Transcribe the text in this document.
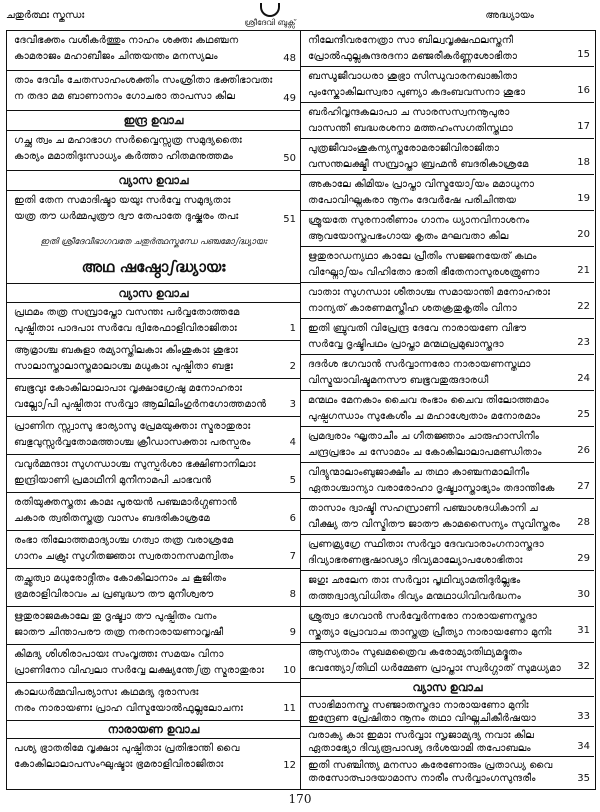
ചതുർത്ഥഃ സ്കന്ധഃ
ശ്രീദേവി ബുക്സ്
അദ്ധ്യായം
ദേവീഭക്തം വശീകർത്തും നാഹം ശക്തഃ കഥഞ്ചന
കാമരാജം മഹാബീജം ചിന്തയന്തം മനസ്യലം	48
താം ദേവീം ചേതസാഹംശക്തിം സംശ്രിതാ ഭക്തിഭാവതഃ
ന തദാ മമ ബാണാനാം ഗോചരാ താപസാ കില	49
ഇന്ദ്ര ഉവാച
ഗച്ഛ ത്വം ച മഹാഭാഗ സർവ്വൈസ്സത്ര സമുദ്യതൈഃ
കാര്യം മമാതിദുഃസാധ്യം കർത്താ ഹിതമനുത്തമം	50
വ്യാസ ഉവാച
ഇതി തേന സമാദിഷ്ടാ യയുഃ സർവ്വേ സമുദ്യതാഃ
യത്ര തൗ ധർമ്മപുത്രൗ ദ്വൗ തേപാതേ ദുഷ്കരം തപഃ	51
ഇതി ശ്രീദേവീഭാഗവതേ ചതുർത്ഥസ്കന്ധേ പഞ്ചമോഽദ്ധ്യായഃ
അഥ ഷഷ്ഠോഽദ്ധ്യായഃ
വ്യാസ ഉവാച
പ്രഥമം തത്ര സമ്പ്രാപ്തോ വസന്തഃ പർവ്വതോത്തമേ
പുഷ്പിതാഃ പാദപാഃ സർവേ ദ്വിരേഫാളിവിരാജിതാഃ	1
ആമ്രാശ്ച ബകുളാ രമ്യാസ്തിലകാഃ കിംശുകാഃ ശുഭാഃ
സാലാസ്താലാസ്തമാലാശ്ച മധുകാഃ പുഷ്പിതാ ബഭുഃ	2
ബഭൂവുഃ കോകിലാലാപാഃ വൃക്ഷാഗ്രേഷു മനോഹരാഃ
വല്ലോഽപി പുഷ്പിതാഃ സർവ്വാ ആലിലിംഗുർനഗോത്തമാൻ	3
പ്രാണിന സ്സ്വാസു ഭാര്യാസു പ്രേമയുക്താഃ സ്മരാതുരാഃ
ബഭുവുസ്സർവ്വതോമത്താശ്ച ക്രീഡാസക്താഃ പരസ്പരം	4
വവുർമ്മന്ദാഃ സുഗന്ധാശ്ച സുസ്പർശാ ഭക്ഷിണാനിലാഃ
ഇന്ദ്രിയാണി പ്രമാഥീനി മുനീനാമപി ചാഭവൻ	5
രതിയുക്തസ്തതഃ കാമഃ പൂരയൻ പഞ്ചമാർഗ്ഗണാൻ
ചകാര ത്വരിതസ്തത്ര വാസം ബദരികാശ്രമേ	6
രംഭാ തിലോത്തമാദ്യാശ്ച ഗത്വാ തത്ര വരാശ്രമേ
ഗാനം ചക്രുഃ സുഗീതജ്ഞാഃ സ്വരതാനസമന്വിതം	7
തച്ഛൃത്വാ മധുരോദ്ഗീതം കോകിലാനാം ച കൂജിതം
ഭ്രമരാളിവിരാവം ച പ്രബുദ്ധൗ തൗ മുനീശ്വരൗ	8
ഋതുരാജമകാലേ തു ദൃഷ്ട്വാ തൗ പുഷ്പിതം വനം
ജാതൗ ചിന്താപരൗ തത്ര നരനാരായണാവൃഷീ	9
കിമദ്യ ശിശിരാപായഃ സംവൃത്തഃ സമയം വിനാ
പ്രാണിനോ വിഹ്വലാ സർവ്വേ ലക്ഷ്യന്തേഽത്ര സ്മരാതുരാഃ	10
കാലധർമ്മവിപര്യാസഃ കഥമദ്യ ദുരാസദഃ
നരം നാരായണഃ പ്രാഹ വിസ്മയോൽഫുല്ലലോചനഃ	11
നാരായണ ഉവാച
പശ്യ ഭ്രാതരിമേ വൃക്ഷാഃ പുഷ്പിതാഃ പ്രതിഭാന്തി വൈ
കോകിലാലാപസംഘുഷ്ടാഃ ഭ്രമരാളിവിരാജിതാഃ	12
നീലേന്ദീവരനേത്രാ സാ ബില്വവൃക്ഷഫലസ്തനീ
പ്രോൽഫുല്ലകുന്ദരദനാ മഞ്ജരീകർണ്ണശോഭിതാ	15
ബന്ധൂജീവാധരാ ശുഭ്രാ സിന്ധുവാരനഖാങ്കിതാ
പുംസ്കോകിലസ്വരാ പുണ്യാ കദംബവസനാ ശുഭാ	16
ബർഹിവൃന്ദകലാപാ ച സാരസസ്വനനൂപുരാ
വാസന്തീ ബദ്ധരശനാ മത്തഹംസഗതിസ്തഥാ	17
പുത്രജീവാംശുകന്യസ്തരോമരാജിവിരാജിതാ
വസന്തലക്ഷ്മീ സമ്പ്രാപ്താ ബ്രഹ്മൻ ബദരികാശ്രമേ	18
അകാലേ കിമിയം പ്രാപ്താ വിസ്മയോഽയം മമാധുനാ
തപോവിഘ്നകരാ നൂനം ദേവർഷേ പരിചിന്തയ	19
ശ്രൂയതേ സുരനാരീണാം ഗാനം ധ്യാനവിനാശനം
ആവയോസ്തപഭംഗായ കൃതം മഘവതാ കില	20
ഋതുരാഡന്യഥാ കാലേ പ്രീതിം സജ്ജനയേത് കഥം
വിഘ്നോഽയം വിഹിതോ ഭാതി ഭീതേനാസുരശത്രുണാ	21
വാതാഃ സുഗന്ധാഃ ശീതാശ്ച സമായാന്തി മനോഹരാഃ
നാന്യത് കാരണമസ്തീഹ ശതക്രതുകൃതിം വിനാ	22
ഇതി ബ്രുവതി വിപ്രേന്ദ്ര ദേവേ നാരായണേ വിഭൗ
സർവ്വേ ദൃഷ്ടിപഥം പ്രാപ്താ മന്മഥപ്രമുഖാസ്തദാ	23
ദദർശ ഭഗവാൻ സർവ്വാന്നരോ നാരായണസ്തഥാ
വിസ്മയാവിഷ്ടമനസൗ ബഭൂവതുരുദാരധീ	24
മന്മഥം മേനകാം ചൈവ രംഭാം ചൈവ തിലോത്തമാം
പുഷ്പഗന്ധാം സുകേശീം ച മഹാശ്വേതാം മനോരമാം	25
പ്രമദ്വരാം ഘൃതാചീം ച ഗീതജ്ഞാം ചാരുഹാസിനീം
ചന്ദ്രപ്രഭാം ച സോമാം ച കോകിലാലാപമണ്ഡിതാം	26
വിദ്യുന്മാലാംബുജാക്ഷീം ച തഥാ കാഞ്ചനമാലിനീം
ഏതാശ്ചാന്യാ വരാരോഹാ ദൃഷ്ട്വാസ്താഭ്യാം തദാന്തികേ	27
താസാം ദ്വാഷ്ടി സഹസ്രാണി പഞ്ചാശദധികാനി ച
വീക്ഷ്യ തൗ വിസ്മിതൗ ജാതൗ കാമസൈന്യം സുവിസ്തരം	28
പ്രണമ്യ്രഗ്രേ സ്ഥിതാഃ സർവ്വാ ദേവവാരാംഗനാസ്തദാ
ദിവ്യാഭരണഭൂഷാഢ്യാ ദിവ്യമാല്യോപശോഭിതാഃ	29
ജഗുഃ ഛലേന താഃ സർവ്വാഃ പൃഥിവ്യാമതിദുർല്ലഭം
തത്തദ്വാദ്യവിധിതം ദിവ്യം മന്മഥാധിവിവർദ്ധനം	30
ശ്രുത്വാ ഭഗവാൻ സർവ്വേർന്നരോ നാരായണസ്തദാ
സ്തുത്യാ പ്രോവാച താസ്തത്ര പ്രീത്യാ നാരായണോ മുനിഃ	31
ആസ്യതാം സുഖമത്രൈവ കരോമ്യാതിഥ്യമദ്ഭുതം
ഭവന്ത്യോഽതിഥി ധർമ്മേണ പ്രാപ്താഃ സ്വർഗ്ഗാത് സുമധ്യമാ	32
വ്യാസ ഉവാച
സാഭിമാനസ്തു സഞ്ജാതസ്തദാ നാരായണോ മുനിഃ
ഇന്ദ്രേണ പ്രേഷിതാ നൂനം തഥാ വിഘ്നചികീർഷയാ	33
വരാക്യ കാഃ ഇമാഃ സർവ്വാഃ സൃജാമ്യദ്യ നവാഃ കില
ഏതാഭ്യോ ദിവ്യരൂപാഢ്യ ദർശയാമി തപോബലം	34
ഇതി സഞ്ചിന്ത്യ മനസാ കരേണോരും പ്രതാഡ്യ വൈ
തരസോത്പാദയാമാസ നാരീം സർവ്വാംഗസുന്ദരീം	35
170
